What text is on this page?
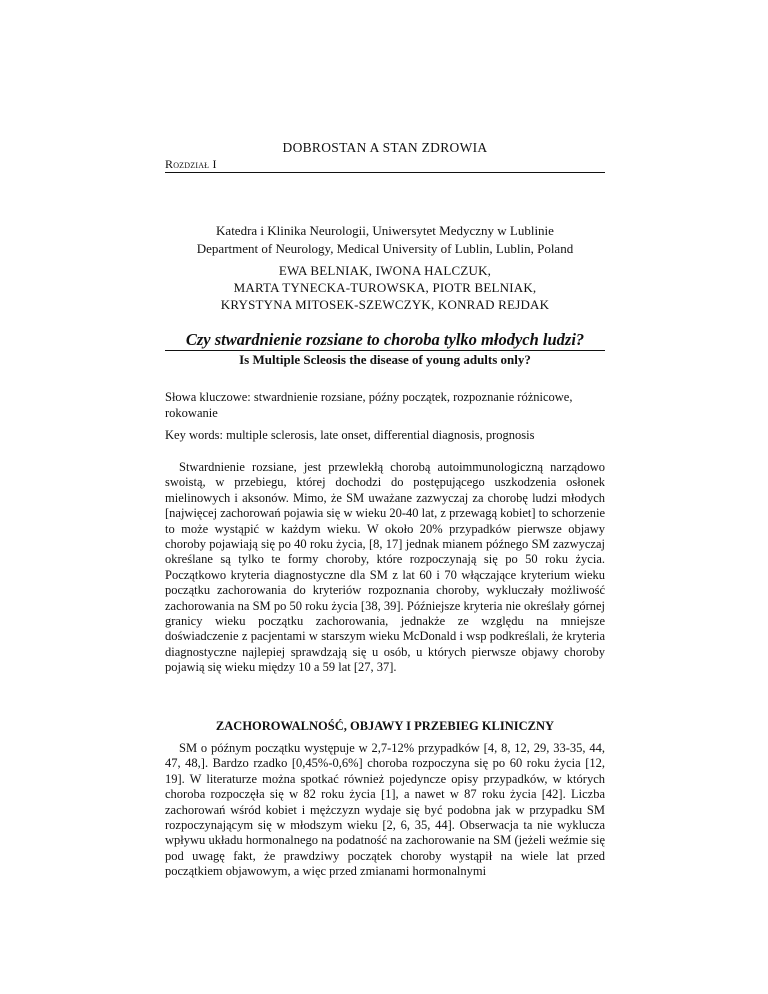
DOBROSTAN A STAN ZDROWIA
Rozdział I
Katedra i Klinika Neurologii, Uniwersytet Medyczny w Lublinie
Department of Neurology, Medical University of Lublin, Lublin, Poland
EWA BELNIAK, IWONA HALCZUK,
MARTA TYNECKA-TUROWSKA, PIOTR BELNIAK,
KRYSTYNA MITOSEK-SZEWCZYK, KONRAD REJDAK
Czy stwardnienie rozsiane to choroba tylko młodych ludzi?
Is Multiple Scleosis the disease of young adults only?
Słowa kluczowe: stwardnienie rozsiane, późny początek, rozpoznanie różnicowe, rokowanie
Key words: multiple sclerosis, late onset, differential diagnosis, prognosis
Stwardnienie rozsiane, jest przewlekłą chorobą autoimmunologiczną narządowo swoistą, w przebiegu, której dochodzi do postępującego uszkodzenia osłonek mielinowych i aksonów. Mimo, że SM uważane zazwyczaj za chorobę ludzi młodych [najwięcej zachorowań pojawia się w wieku 20-40 lat, z przewagą kobiet] to schorzenie to może wystąpić w każdym wieku. W około 20% przypadków pierwsze objawy choroby pojawiają się po 40 roku życia, [8, 17] jednak mianem późnego SM zazwyczaj określane są tylko te formy choroby, które rozpoczynają się po 50 roku życia. Początkowo kryteria diagnostyczne dla SM z lat 60 i 70 włączające kryterium wieku początku zachorowania do kryteriów rozpoznania choroby, wykluczały możliwość zachorowania na SM po 50 roku życia [38, 39]. Późniejsze kryteria nie określały górnej granicy wieku początku zachorowania, jednakże ze względu na mniejsze doświadczenie z pacjentami w starszym wieku McDonald i wsp podkreślali, że kryteria diagnostyczne najlepiej sprawdzają się u osób, u których pierwsze objawy choroby pojawią się wieku między 10 a 59 lat [27, 37].
ZACHOROWALNOŚĆ, OBJAWY I PRZEBIEG KLINICZNY
SM o późnym początku występuje w 2,7-12% przypadków [4, 8, 12, 29, 33-35, 44, 47, 48,]. Bardzo rzadko [0,45%-0,6%] choroba rozpoczyna się po 60 roku życia [12, 19]. W literaturze można spotkać również pojedyncze opisy przypadków, w których choroba rozpoczęła się w 82 roku życia [1], a nawet w 87 roku życia [42]. Liczba zachorowań wśród kobiet i mężczyzn wydaje się być podobna jak w przypadku SM rozpoczynającym się w młodszym wieku [2, 6, 35, 44]. Obserwacja ta nie wyklucza wpływu układu hormonalnego na podatność na zachorowanie na SM (jeżeli weźmie się pod uwagę fakt, że prawdziwy początek choroby wystąpił na wiele lat przed początkiem objawowym, a więc przed zmianami hormonalnymi
